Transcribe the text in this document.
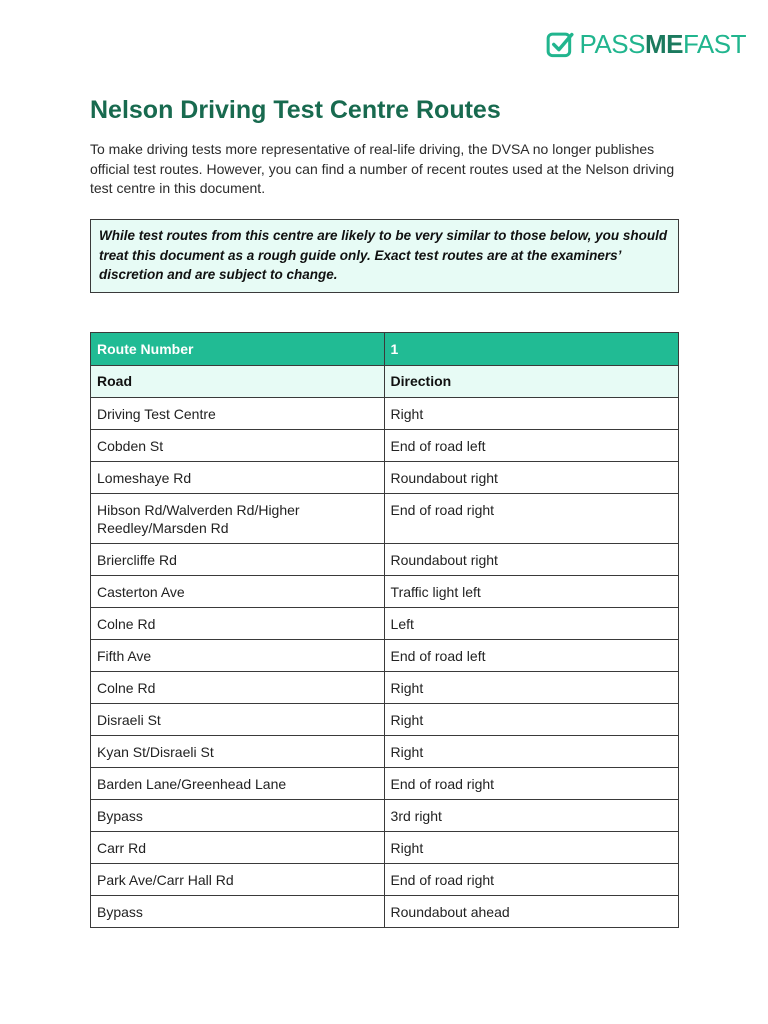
PASSMEFAST
Nelson Driving Test Centre Routes

To make driving tests more representative of real-life driving, the DVSA no longer publishes official test routes. However, you can find a number of recent routes used at the Nelson driving test centre in this document.

While test routes from this centre are likely to be very similar to those below, you should treat this document as a rough guide only. Exact test routes are at the examiners’ discretion and are subject to change.
Route Number	1
Road	Direction
Driving Test Centre	Right
Cobden St	End of road left
Lomeshaye Rd	Roundabout right
Hibson Rd/Walverden Rd/Higher Reedley/Marsden Rd	End of road right
Briercliffe Rd	Roundabout right
Casterton Ave	Traffic light left
Colne Rd	Left
Fifth Ave	End of road left
Colne Rd	Right
Disraeli St	Right
Kyan St/Disraeli St	Right
Barden Lane/Greenhead Lane	End of road right
Bypass	3rd right
Carr Rd	Right
Park Ave/Carr Hall Rd	End of road right
Bypass	Roundabout ahead
